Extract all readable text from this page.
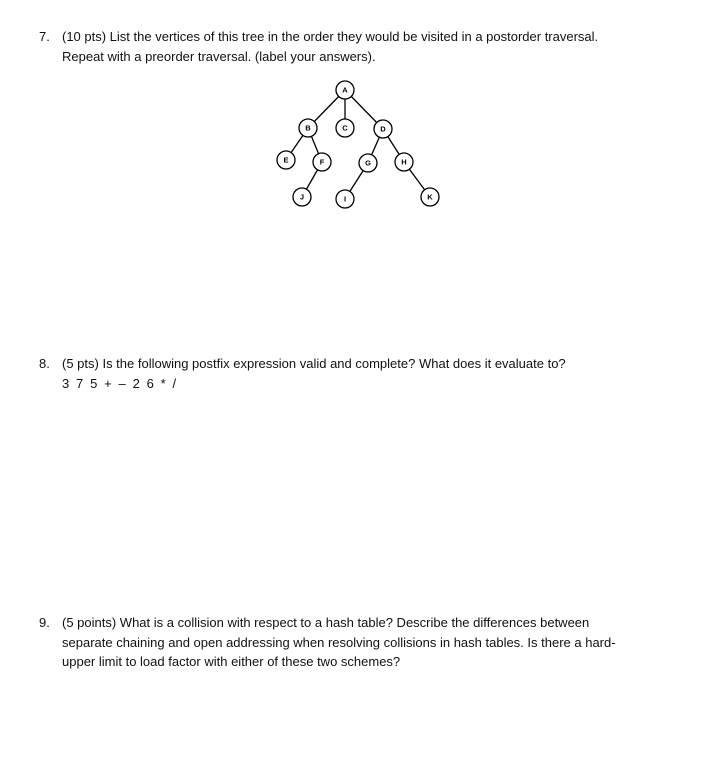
7. (10 pts) List the vertices of this tree in the order they would be visited in a postorder traversal.
Repeat with a preorder traversal. (label your answers).
A
B	C	D
E	F	G	H
I
J	K
8. (5 pts) Is the following postfix expression valid and complete? What does it evaluate to?
3 7 5 + – 2 6 * /
9. (5 points) What is a collision with respect to a hash table? Describe the differences between
separate chaining and open addressing when resolving collisions in hash tables. Is there a hard-
upper limit to load factor with either of these two schemes?
